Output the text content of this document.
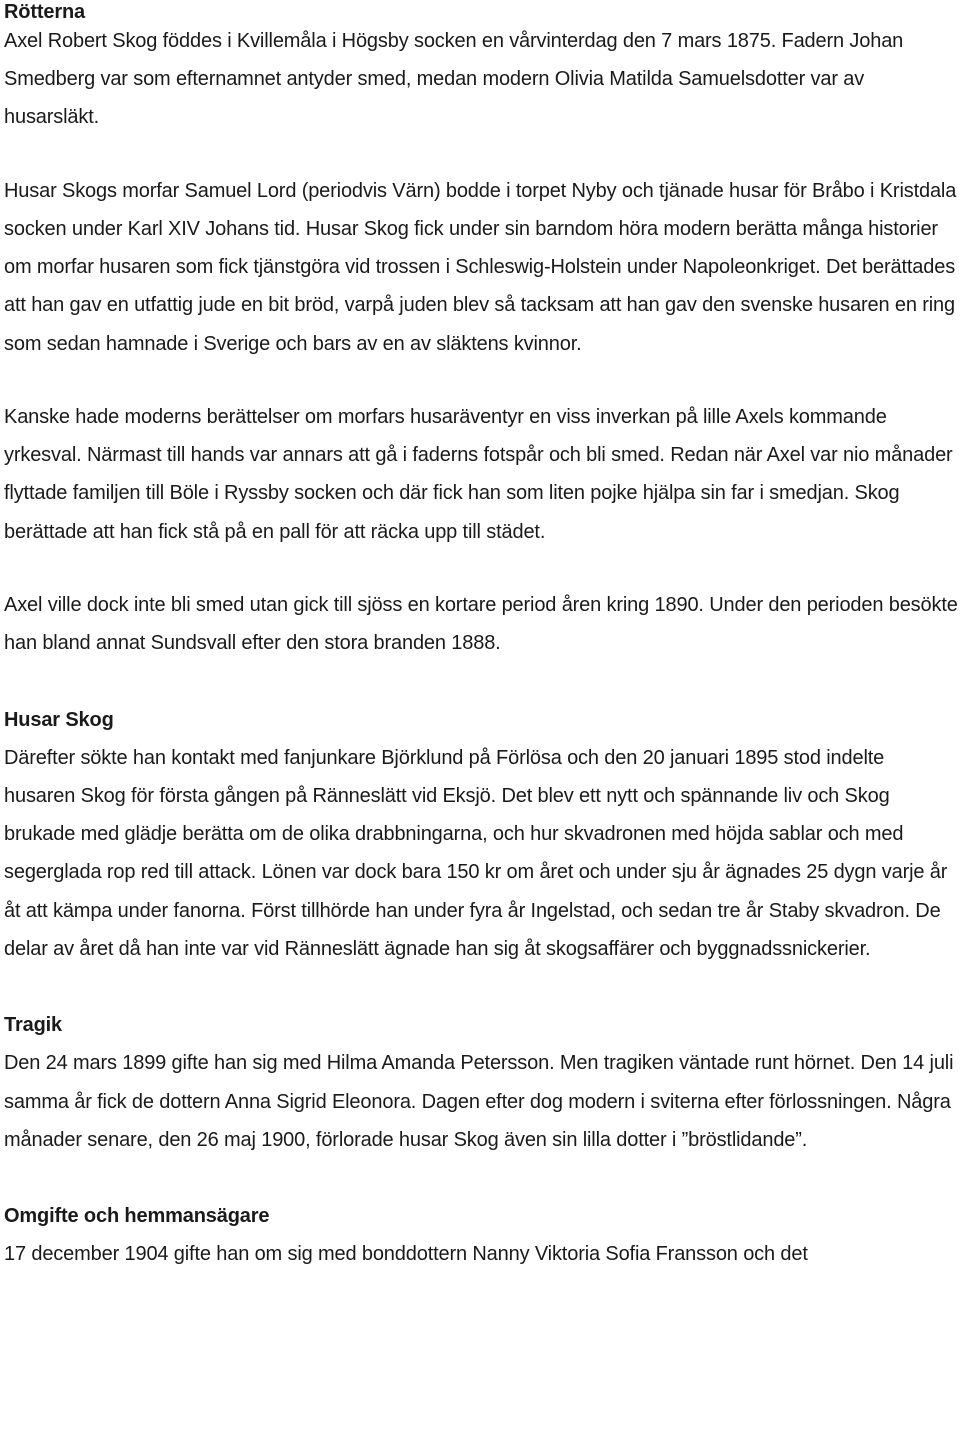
Rötterna

Axel Robert Skog föddes i Kvillemåla i Högsby socken en vårvinterdag den 7 mars 1875. Fadern Johan Smedberg var som efternamnet antyder smed, medan modern Olivia Matilda Samuelsdotter var av husarsläkt.

Husar Skogs morfar Samuel Lord (periodvis Värn) bodde i torpet Nyby och tjänade husar för Bråbo i Kristdala socken under Karl XIV Johans tid. Husar Skog fick under sin barndom höra modern berätta många historier om morfar husaren som fick tjänstgöra vid trossen i Schleswig-Holstein under Napoleonkriget. Det berättades att han gav en utfattig jude en bit bröd, varpå juden blev så tacksam att han gav den svenske husaren en ring som sedan hamnade i Sverige och bars av en av släktens kvinnor.

Kanske hade moderns berättelser om morfars husaräventyr en viss inverkan på lille Axels kommande yrkesval. Närmast till hands var annars att gå i faderns fotspår och bli smed. Redan när Axel var nio månader flyttade familjen till Böle i Ryssby socken och där fick han som liten pojke hjälpa sin far i smedjan. Skog berättade att han fick stå på en pall för att räcka upp till städet.

Axel ville dock inte bli smed utan gick till sjöss en kortare period åren kring 1890. Under den perioden besökte han bland annat Sundsvall efter den stora branden 1888.

Husar Skog

Därefter sökte han kontakt med fanjunkare Björklund på Förlösa och den 20 januari 1895 stod indelte husaren Skog för första gången på Ränneslätt vid Eksjö. Det blev ett nytt och spännande liv och Skog brukade med glädje berätta om de olika drabbningarna, och hur skvadronen med höjda sablar och med segerglada rop red till attack. Lönen var dock bara 150 kr om året och under sju år ägnades 25 dygn varje år åt att kämpa under fanorna. Först tillhörde han under fyra år Ingelstad, och sedan tre år Staby skvadron. De delar av året då han inte var vid Ränneslätt ägnade han sig åt skogsaffärer och byggnadssnickerier.

Tragik

Den 24 mars 1899 gifte han sig med Hilma Amanda Petersson. Men tragiken väntade runt hörnet. Den 14 juli samma år fick de dottern Anna Sigrid Eleonora. Dagen efter dog modern i sviterna efter förlossningen. Några månader senare, den 26 maj 1900, förlorade husar Skog även sin lilla dotter i ”bröstlidande”.

Omgifte och hemmansägare

17 december 1904 gifte han om sig med bonddottern Nanny Viktoria Sofia Fransson och det
